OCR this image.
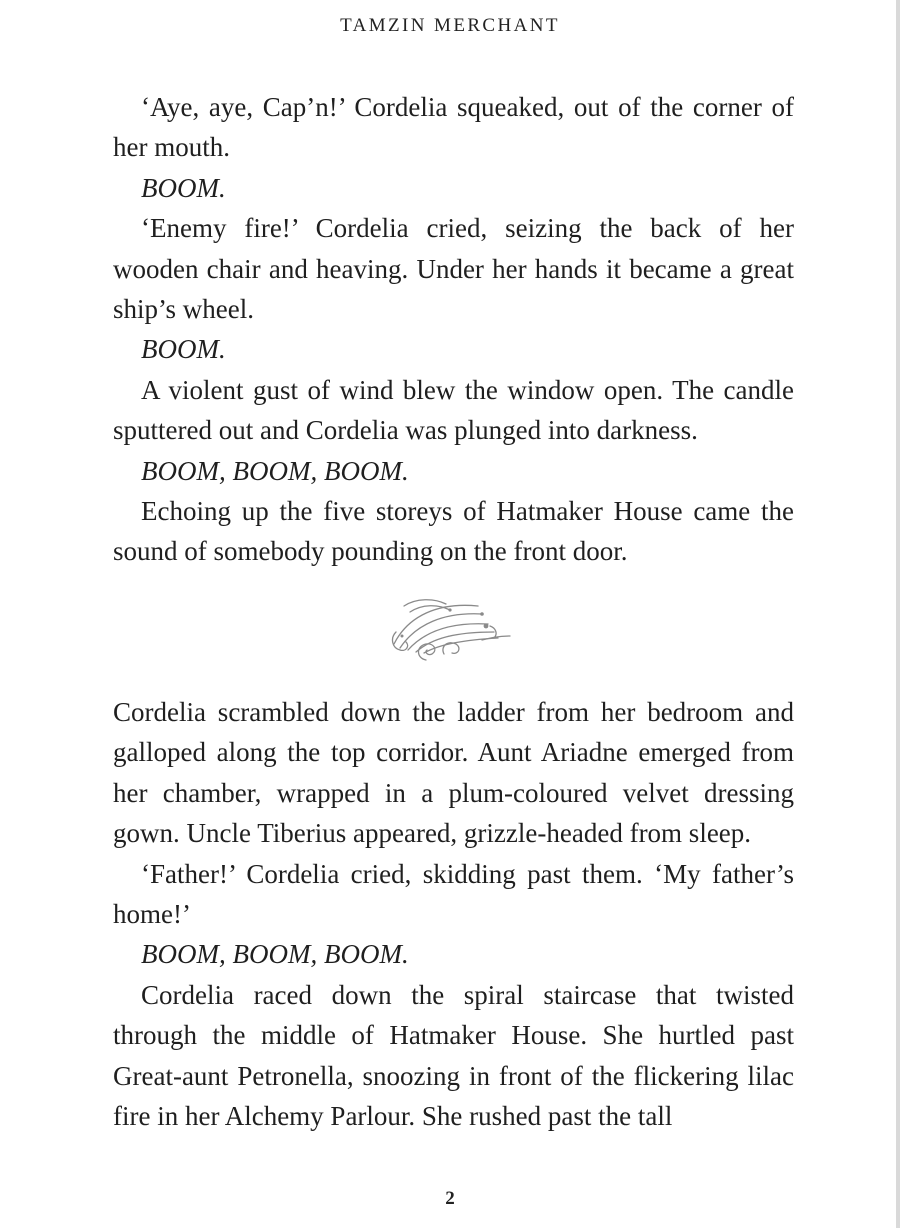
TAMZIN MERCHANT

‘Aye, aye, Cap’n!’ Cordelia squeaked, out of the corner of her mouth.

BOOM.

‘Enemy fire!’ Cordelia cried, seizing the back of her wooden chair and heaving. Under her hands it became a great ship’s wheel.

BOOM.

A violent gust of wind blew the window open. The candle sputtered out and Cordelia was plunged into darkness.

BOOM, BOOM, BOOM.

Echoing up the five storeys of Hatmaker House came the sound of somebody pounding on the front door.

Cordelia scrambled down the ladder from her bedroom and galloped along the top corridor. Aunt Ariadne emerged from her chamber, wrapped in a plum-coloured velvet dressing gown. Uncle Tiberius appeared, grizzle-headed from sleep.

‘Father!’ Cordelia cried, skidding past them. ‘My father’s home!’

BOOM, BOOM, BOOM.

Cordelia raced down the spiral staircase that twisted through the middle of Hatmaker House. She hurtled past Great-aunt Petronella, snoozing in front of the flickering lilac fire in her Alchemy Parlour. She rushed past the tall

2
